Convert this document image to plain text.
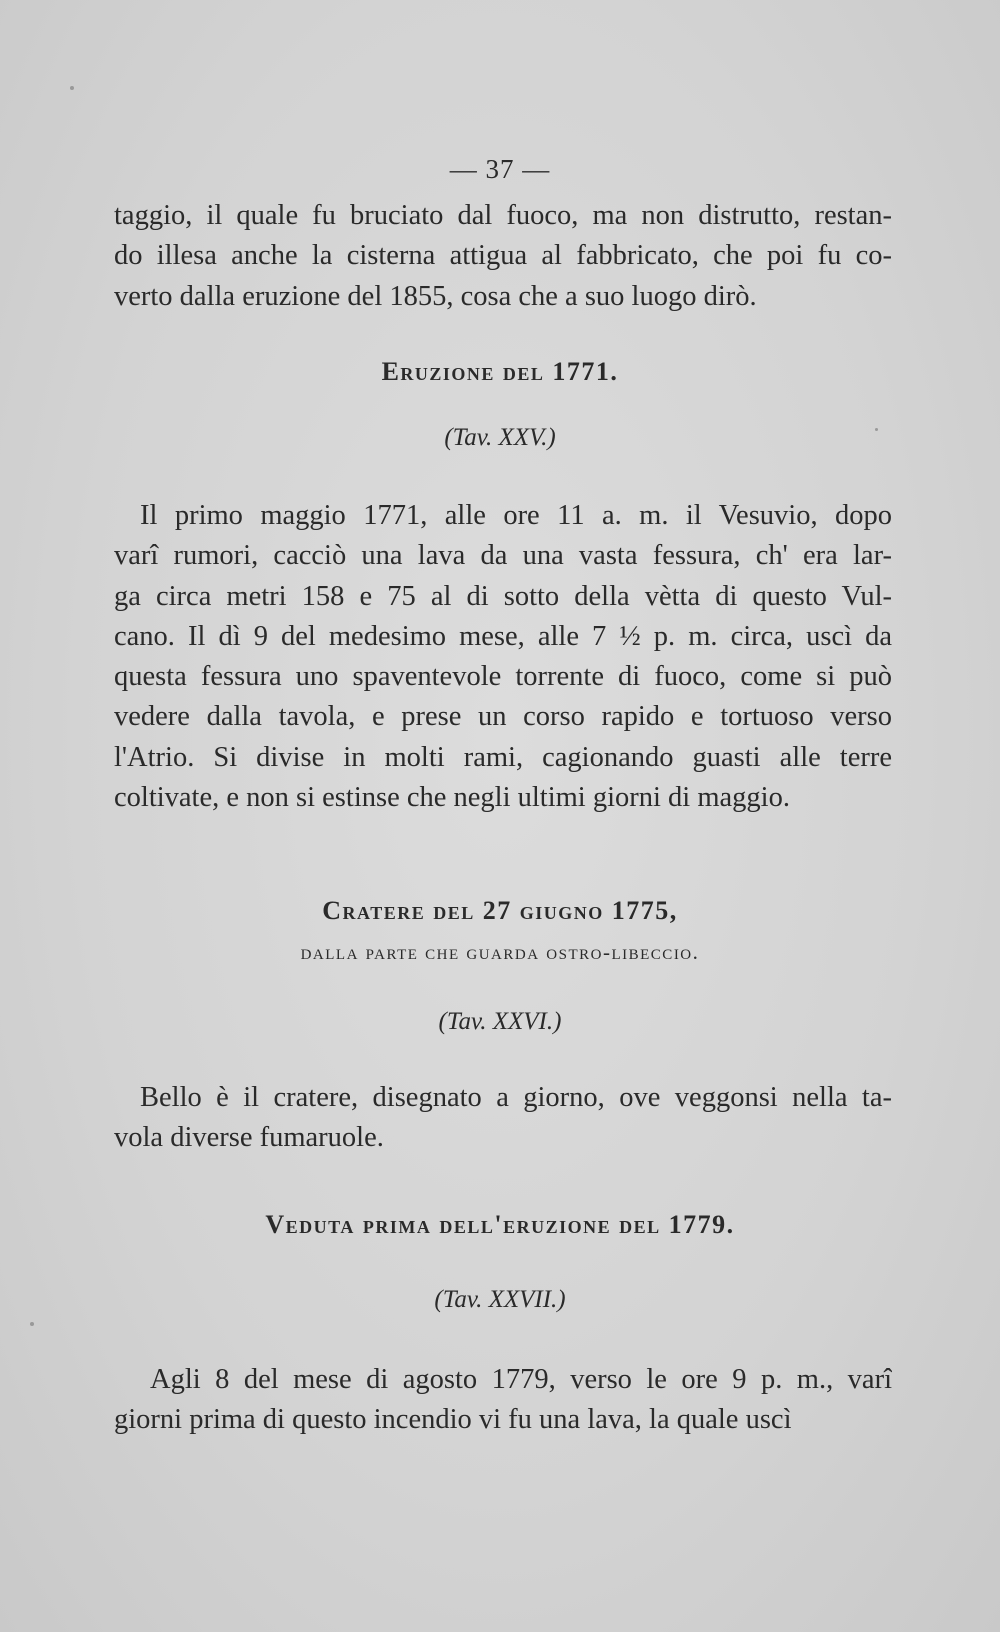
— 37 —

taggio, il quale fu bruciato dal fuoco, ma non distrutto, restan-
do illesa anche la cisterna attigua al fabbricato, che poi fu co-
verto dalla eruzione del 1855, cosa che a suo luogo dirò.

Eruzione del 1771.
(Tav. XXV.)

Il primo maggio 1771, alle ore 11 a. m. il Vesuvio, dopo
varî rumori, cacciò una lava da una vasta fessura, ch' era lar-
ga circa metri 158 e 75 al di sotto della vètta di questo Vul-
cano. Il dì 9 del medesimo mese, alle 7 ½ p. m. circa, uscì da
questa fessura uno spaventevole torrente di fuoco, come si può
vedere dalla tavola, e prese un corso rapido e tortuoso verso
l'Atrio. Si divise in molti rami, cagionando guasti alle terre
coltivate, e non si estinse che negli ultimi giorni di maggio.

Cratere del 27 giugno 1775,
dalla parte che guarda ostro-libeccio.
(Tav. XXVI.)

Bello è il cratere, disegnato a giorno, ove veggonsi nella ta-
vola diverse fumaruole.

Veduta prima dell'eruzione del 1779.
(Tav. XXVII.)

Agli 8 del mese di agosto 1779, verso le ore 9 p. m., varî
giorni prima di questo incendio vi fu una lava, la quale uscì
